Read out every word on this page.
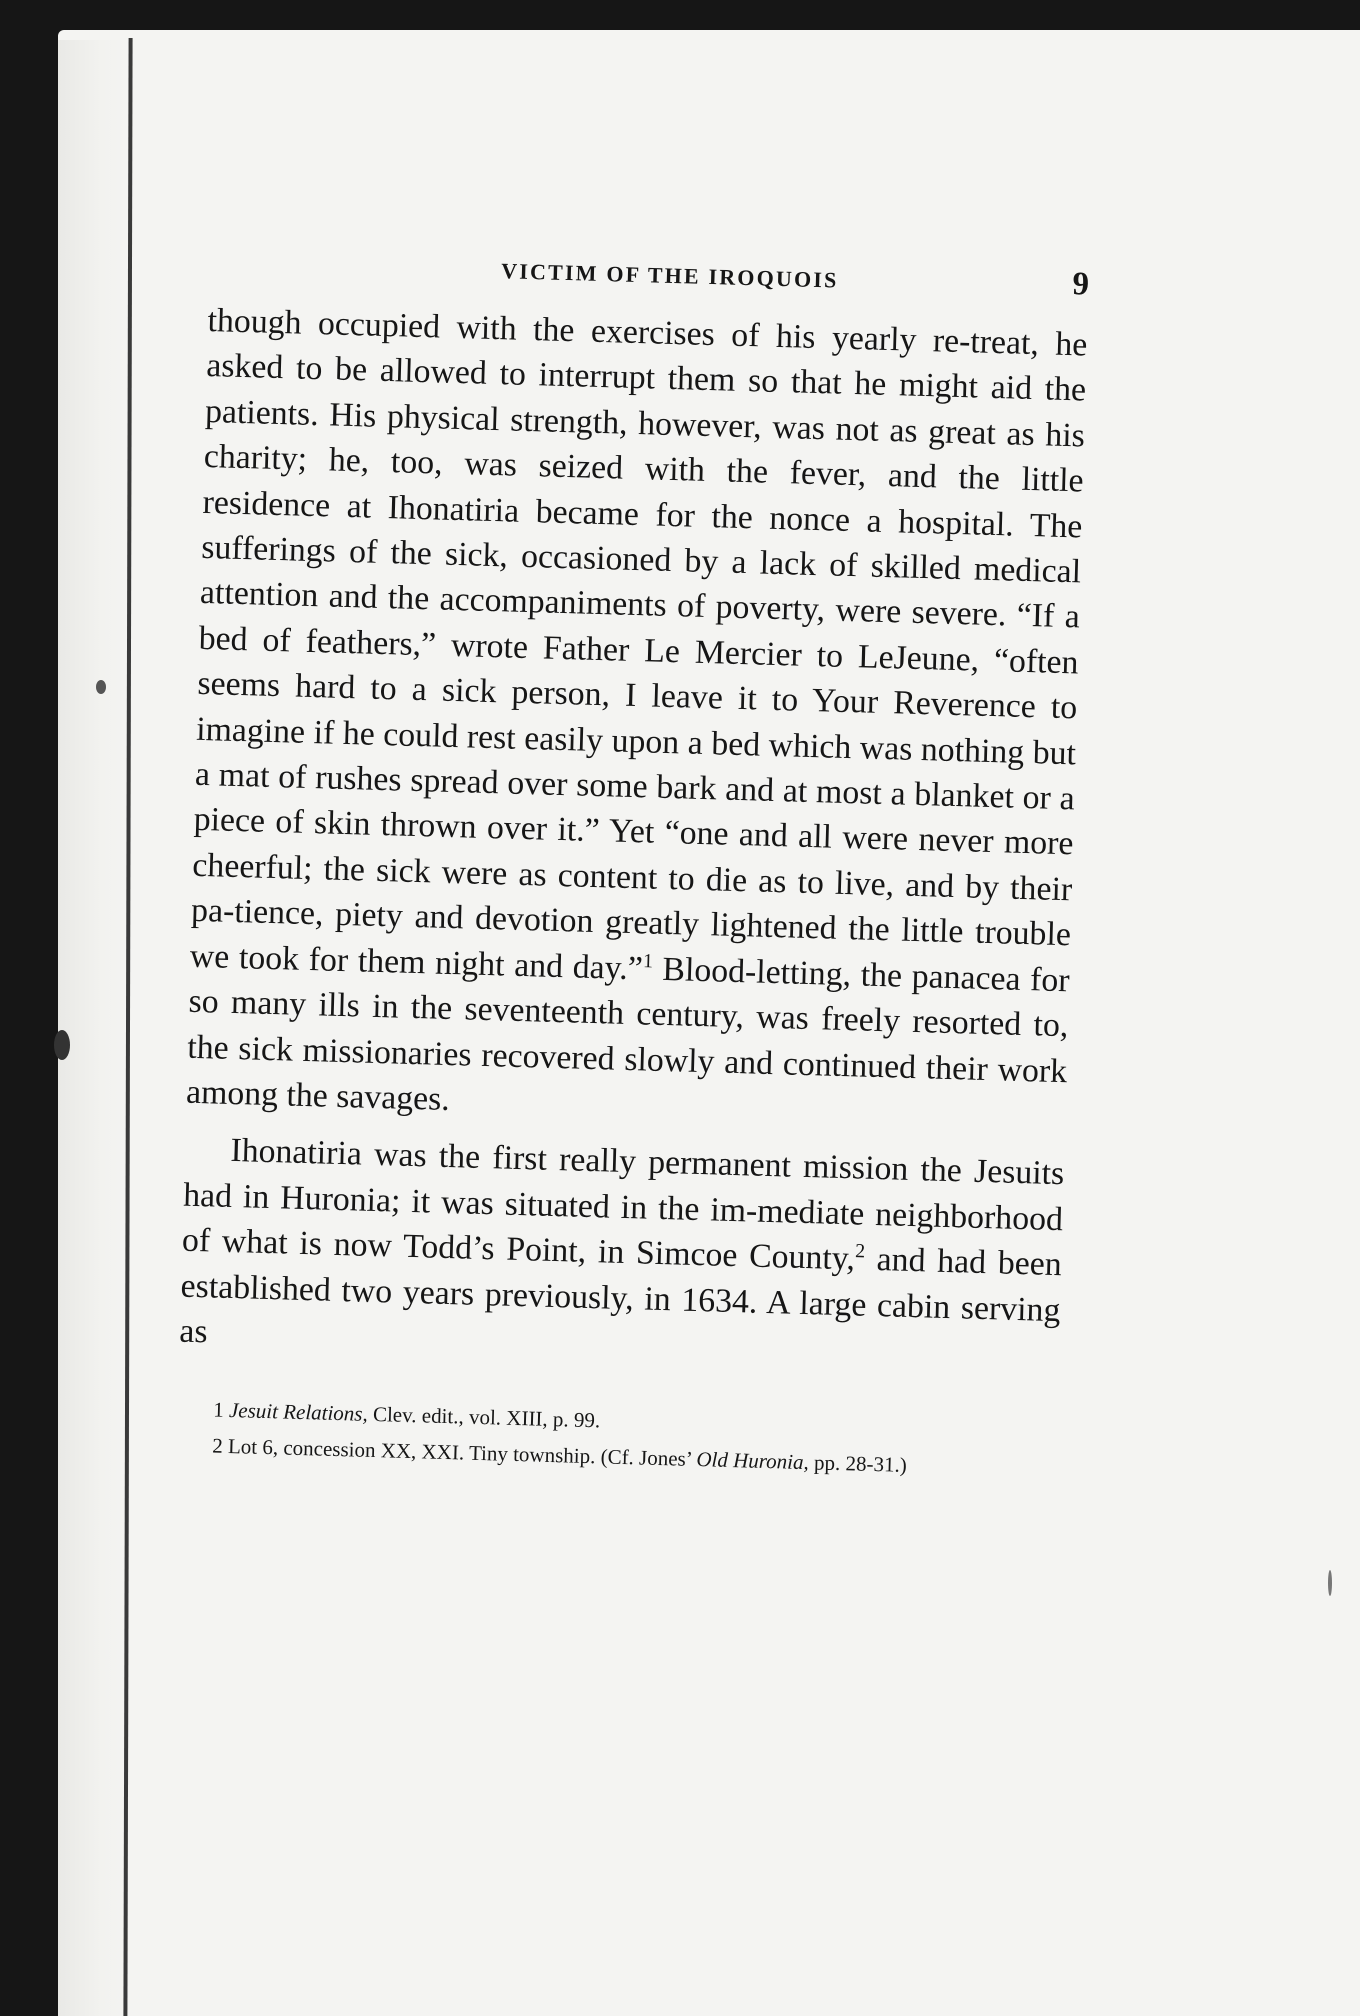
VICTIM OF THE IROQUOIS	9

though occupied with the exercises of his yearly re-treat, he asked to be allowed to interrupt them so that he might aid the patients. His physical strength, however, was not as great as his charity; he, too, was seized with the fever, and the little residence at Ihonatiria became for the nonce a hospital. The sufferings of the sick, occasioned by a lack of skilled medical attention and the accompaniments of poverty, were severe. “If a bed of feathers,” wrote Father Le Mercier to LeJeune, “often seems hard to a sick person, I leave it to Your Reverence to imagine if he could rest easily upon a bed which was nothing but a mat of rushes spread over some bark and at most a blanket or a piece of skin thrown over it.” Yet “one and all were never more cheerful; the sick were as content to die as to live, and by their pa-tience, piety and devotion greatly lightened the little trouble we took for them night and day.”$^1$ Blood-letting, the panacea for so many ills in the seventeenth century, was freely resorted to, the sick missionaries recovered slowly and continued their work among the savages.

Ihonatiria was the first really permanent mission the Jesuits had in Huronia; it was situated in the im-mediate neighborhood of what is now Todd’s Point, in Simcoe County,$^2$ and had been established two years previously, in 1634. A large cabin serving as

1 Jesuit Relations, Clev. edit., vol. XIII, p. 99.

2 Lot 6, concession XX, XXI. Tiny township. (Cf. Jones’ Old Huronia, pp. 28-31.)
